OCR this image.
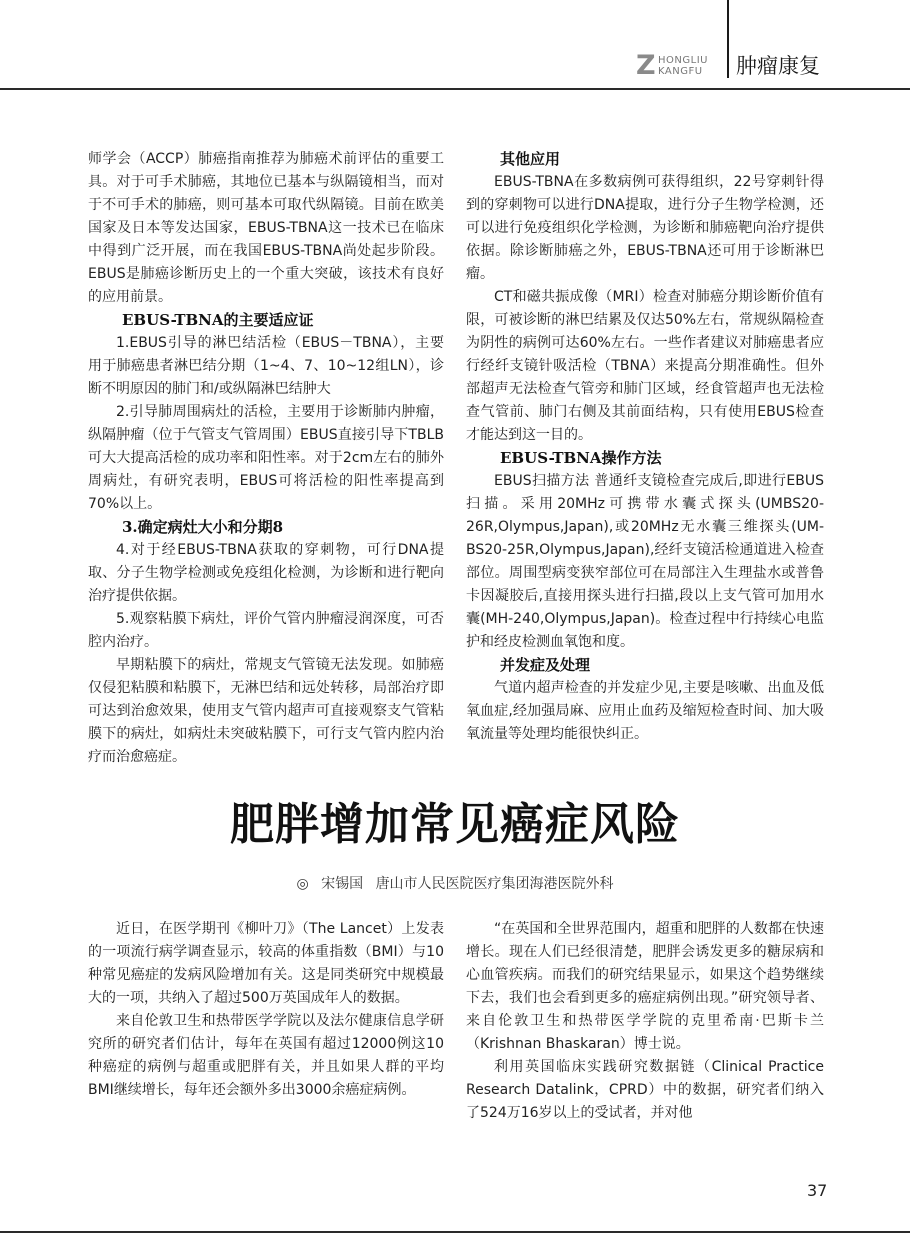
Z HONGLIU
KANGFU 肿瘤康复

师学会（ACCP）肺癌指南推荐为肺癌术前评估的重要工具。对于可手术肺癌，其地位已基本与纵隔镜相当，而对于不可手术的肺癌，则可基本可取代纵隔镜。目前在欧美国家及日本等发达国家，EBUS-TBNA这一技术已在临床中得到广泛开展，而在我国EBUS-TBNA尚处起步阶段。EBUS是肺癌诊断历史上的一个重大突破，该技术有良好的应用前景。

EBUS-TBNA的主要适应证

1.EBUS引导的淋巴结活检（EBUS－TBNA），主要用于肺癌患者淋巴结分期（1~4、7、10~12组LN），诊断不明原因的肺门和/或纵隔淋巴结肿大

2.引导肺周围病灶的活检，主要用于诊断肺内肿瘤，纵隔肿瘤（位于气管支气管周围）EBUS直接引导下TBLB可大大提高活检的成功率和阳性率。对于2cm左右的肺外周病灶，有研究表明，EBUS可将活检的阳性率提高到70%以上。

3.确定病灶大小和分期8

4.对于经EBUS-TBNA获取的穿刺物，可行DNA提取、分子生物学检测或免疫组化检测，为诊断和进行靶向治疗提供依据。

5.观察粘膜下病灶，评价气管内肿瘤浸润深度，可否腔内治疗。

早期粘膜下的病灶，常规支气管镜无法发现。如肺癌仅侵犯粘膜和粘膜下，无淋巴结和远处转移，局部治疗即可达到治愈效果，使用支气管内超声可直接观察支气管粘膜下的病灶，如病灶未突破粘膜下，可行支气管内腔内治疗而治愈癌症。

其他应用

EBUS-TBNA在多数病例可获得组织，22号穿刺针得到的穿刺物可以进行DNA提取，进行分子生物学检测，还可以进行免疫组织化学检测，为诊断和肺癌靶向治疗提供依据。除诊断肺癌之外，EBUS-TBNA还可用于诊断淋巴瘤。

CT和磁共振成像（MRI）检查对肺癌分期诊断价值有限，可被诊断的淋巴结累及仅达50%左右，常规纵隔检查为阴性的病例可达60%左右。一些作者建议对肺癌患者应行经纤支镜针吸活检（TBNA）来提高分期准确性。但外部超声无法检查气管旁和肺门区域，经食管超声也无法检查气管前、肺门右侧及其前面结构，只有使用EBUS检查才能达到这一目的。

EBUS-TBNA操作方法

EBUS扫描方法 普通纤支镜检查完成后,即进行EBUS扫描。采用20MHz可携带水囊式探头(UMBS20-26R,Olympus,Japan),或20MHz无水囊三维探头(UM-BS20-25R,Olympus,Japan),经纤支镜活检通道进入检查部位。周围型病变狭窄部位可在局部注入生理盐水或普鲁卡因凝胶后,直接用探头进行扫描,段以上支气管可加用水囊(MH-240,Olympus,Japan)。检查过程中行持续心电监护和经皮检测血氧饱和度。

并发症及处理

气道内超声检查的并发症少见,主要是咳嗽、出血及低氧血症,经加强局麻、应用止血药及缩短检查时间、加大吸氧流量等处理均能很快纠正。

肥胖增加常见癌症风险
◎ 宋锡国 唐山市人民医院医疗集团海港医院外科

近日，在医学期刊《柳叶刀》（The Lancet）上发表的一项流行病学调查显示，较高的体重指数（BMI）与10种常见癌症的发病风险增加有关。这是同类研究中规模最大的一项，共纳入了超过500万英国成年人的数据。

来自伦敦卫生和热带医学学院以及法尔健康信息学研究所的研究者们估计，每年在英国有超过12000例这10种癌症的病例与超重或肥胖有关，并且如果人群的平均BMI继续增长，每年还会额外多出3000余癌症病例。

“在英国和全世界范围内，超重和肥胖的人数都在快速增长。现在人们已经很清楚，肥胖会诱发更多的糖尿病和心血管疾病。而我们的研究结果显示，如果这个趋势继续下去，我们也会看到更多的癌症病例出现。”研究领导者、来自伦敦卫生和热带医学学院的克里希南·巴斯卡兰（Krishnan Bhaskaran）博士说。

利用英国临床实践研究数据链（Clinical Practice Research Datalink，CPRD）中的数据，研究者们纳入了524万16岁以上的受试者，并对他

37
